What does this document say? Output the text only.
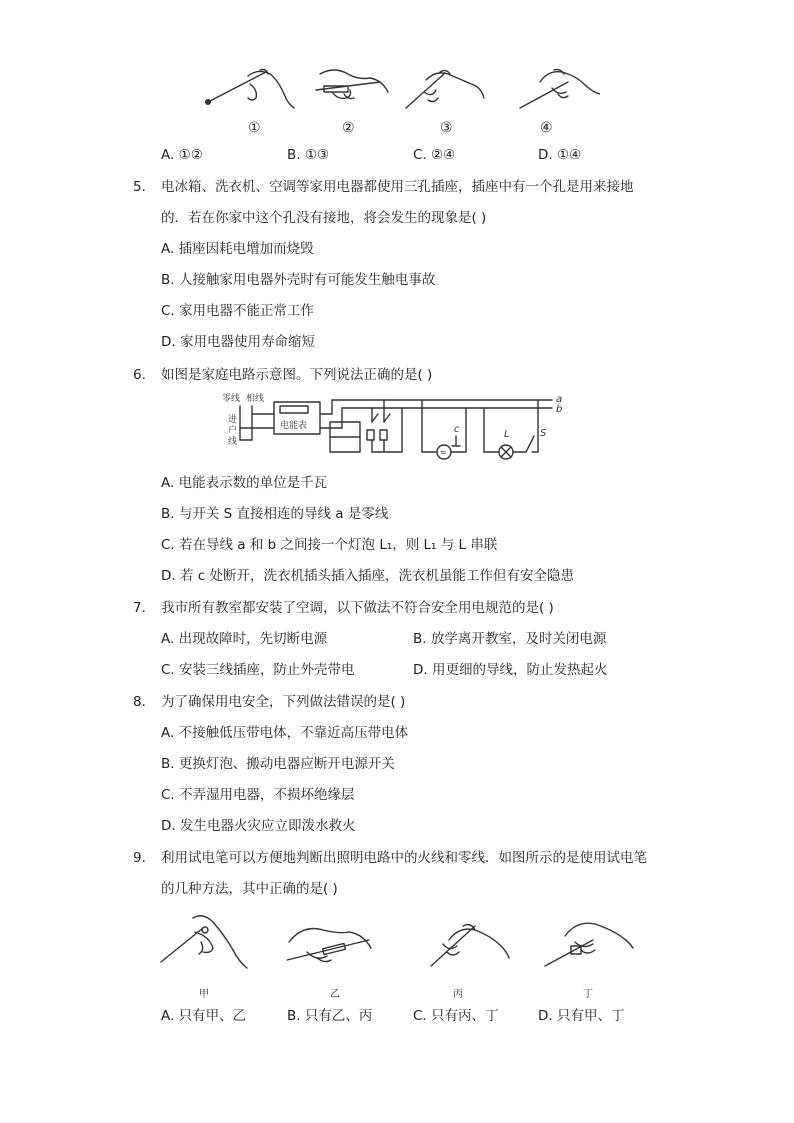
①	②	③	④
A. ①②	B. ①③	C. ②④	D. ①④
5. 电冰箱、洗衣机、空调等家用电器都使用三孔插座，插座中有一个孔是用来接地
的．若在你家中这个孔没有接地，将会发生的现象是( )
A. 插座因耗电增加而烧毁
B. 人接触家用电器外壳时有可能发生触电事故
C. 家用电器不能正常工作
D. 家用电器使用寿命缩短
6. 如图是家庭电路示意图。下列说法正确的是( )
零线 相线
进
户
线
电能表
≈
c	L	S
a
b
A. 电能表示数的单位是千瓦
B. 与开关 S 直接相连的导线 a 是零线
C. 若在导线 a 和 b 之间接一个灯泡 L₁，则 L₁ 与 L 串联
D. 若 c 处断开，洗衣机插头插入插座，洗衣机虽能工作但有安全隐患
7. 我市所有教室都安装了空调，以下做法不符合安全用电规范的是( )
A. 出现故障时，先切断电源	B. 放学离开教室，及时关闭电源
C. 安装三线插座，防止外壳带电	D. 用更细的导线，防止发热起火
8. 为了确保用电安全，下列做法错误的是( )
A. 不接触低压带电体，不靠近高压带电体
B. 更换灯泡、搬动电器应断开电源开关
C. 不弄湿用电器，不损坏绝缘层
D. 发生电器火灾应立即泼水救火
9. 利用试电笔可以方便地判断出照明电路中的火线和零线．如图所示的是使用试电笔
的几种方法，其中正确的是( )
甲	乙	丙	丁
A. 只有甲、乙	B. 只有乙、丙	C. 只有丙、丁	D. 只有甲、丁
